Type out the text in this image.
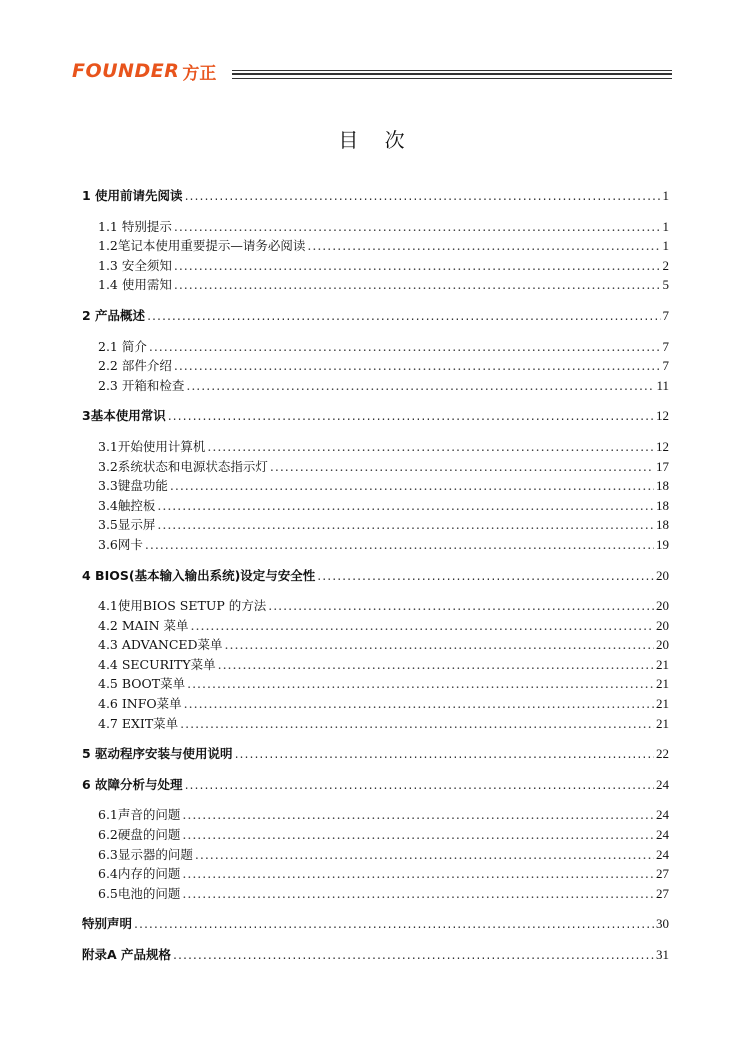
FOUNDER 方正
目 次
1 使用前请先阅读 .....	1
1.1 特别提示 .....	1
1.2笔记本使用重要提示—请务必阅读 .....	1
1.3 安全须知 .....	2
1.4 使用需知 .....	5
2 产品概述 .....	7
2.1 简介 .....	7
2.2 部件介绍 .....	7
2.3 开箱和检查 .....	11
3基本使用常识 .....	12
3.1开始使用计算机 .....	12
3.2系统状态和电源状态指示灯 .....	17
3.3键盘功能 .....	18
3.4触控板 .....	18
3.5显示屏 .....	18
3.6网卡 .....	19
4 BIOS(基本输入输出系统)设定与安全性 .....	20
4.1使用BIOS SETUP 的方法 .....	20
4.2 MAIN 菜单 .....	20
4.3 ADVANCED菜单 .....	20
4.4 SECURITY菜单 .....	21
4.5 BOOT菜单 .....	21
4.6 INFO菜单 .....	21
4.7 EXIT菜单 .....	21
5 驱动程序安装与使用说明 .....	22
6 故障分析与处理 .....	24
6.1声音的问题 .....	24
6.2硬盘的问题 .....	24
6.3显示器的问题 .....	24
6.4内存的问题 .....	27
6.5电池的问题 .....	27
特别声明 .....	30
附录A 产品规格 .....	31
